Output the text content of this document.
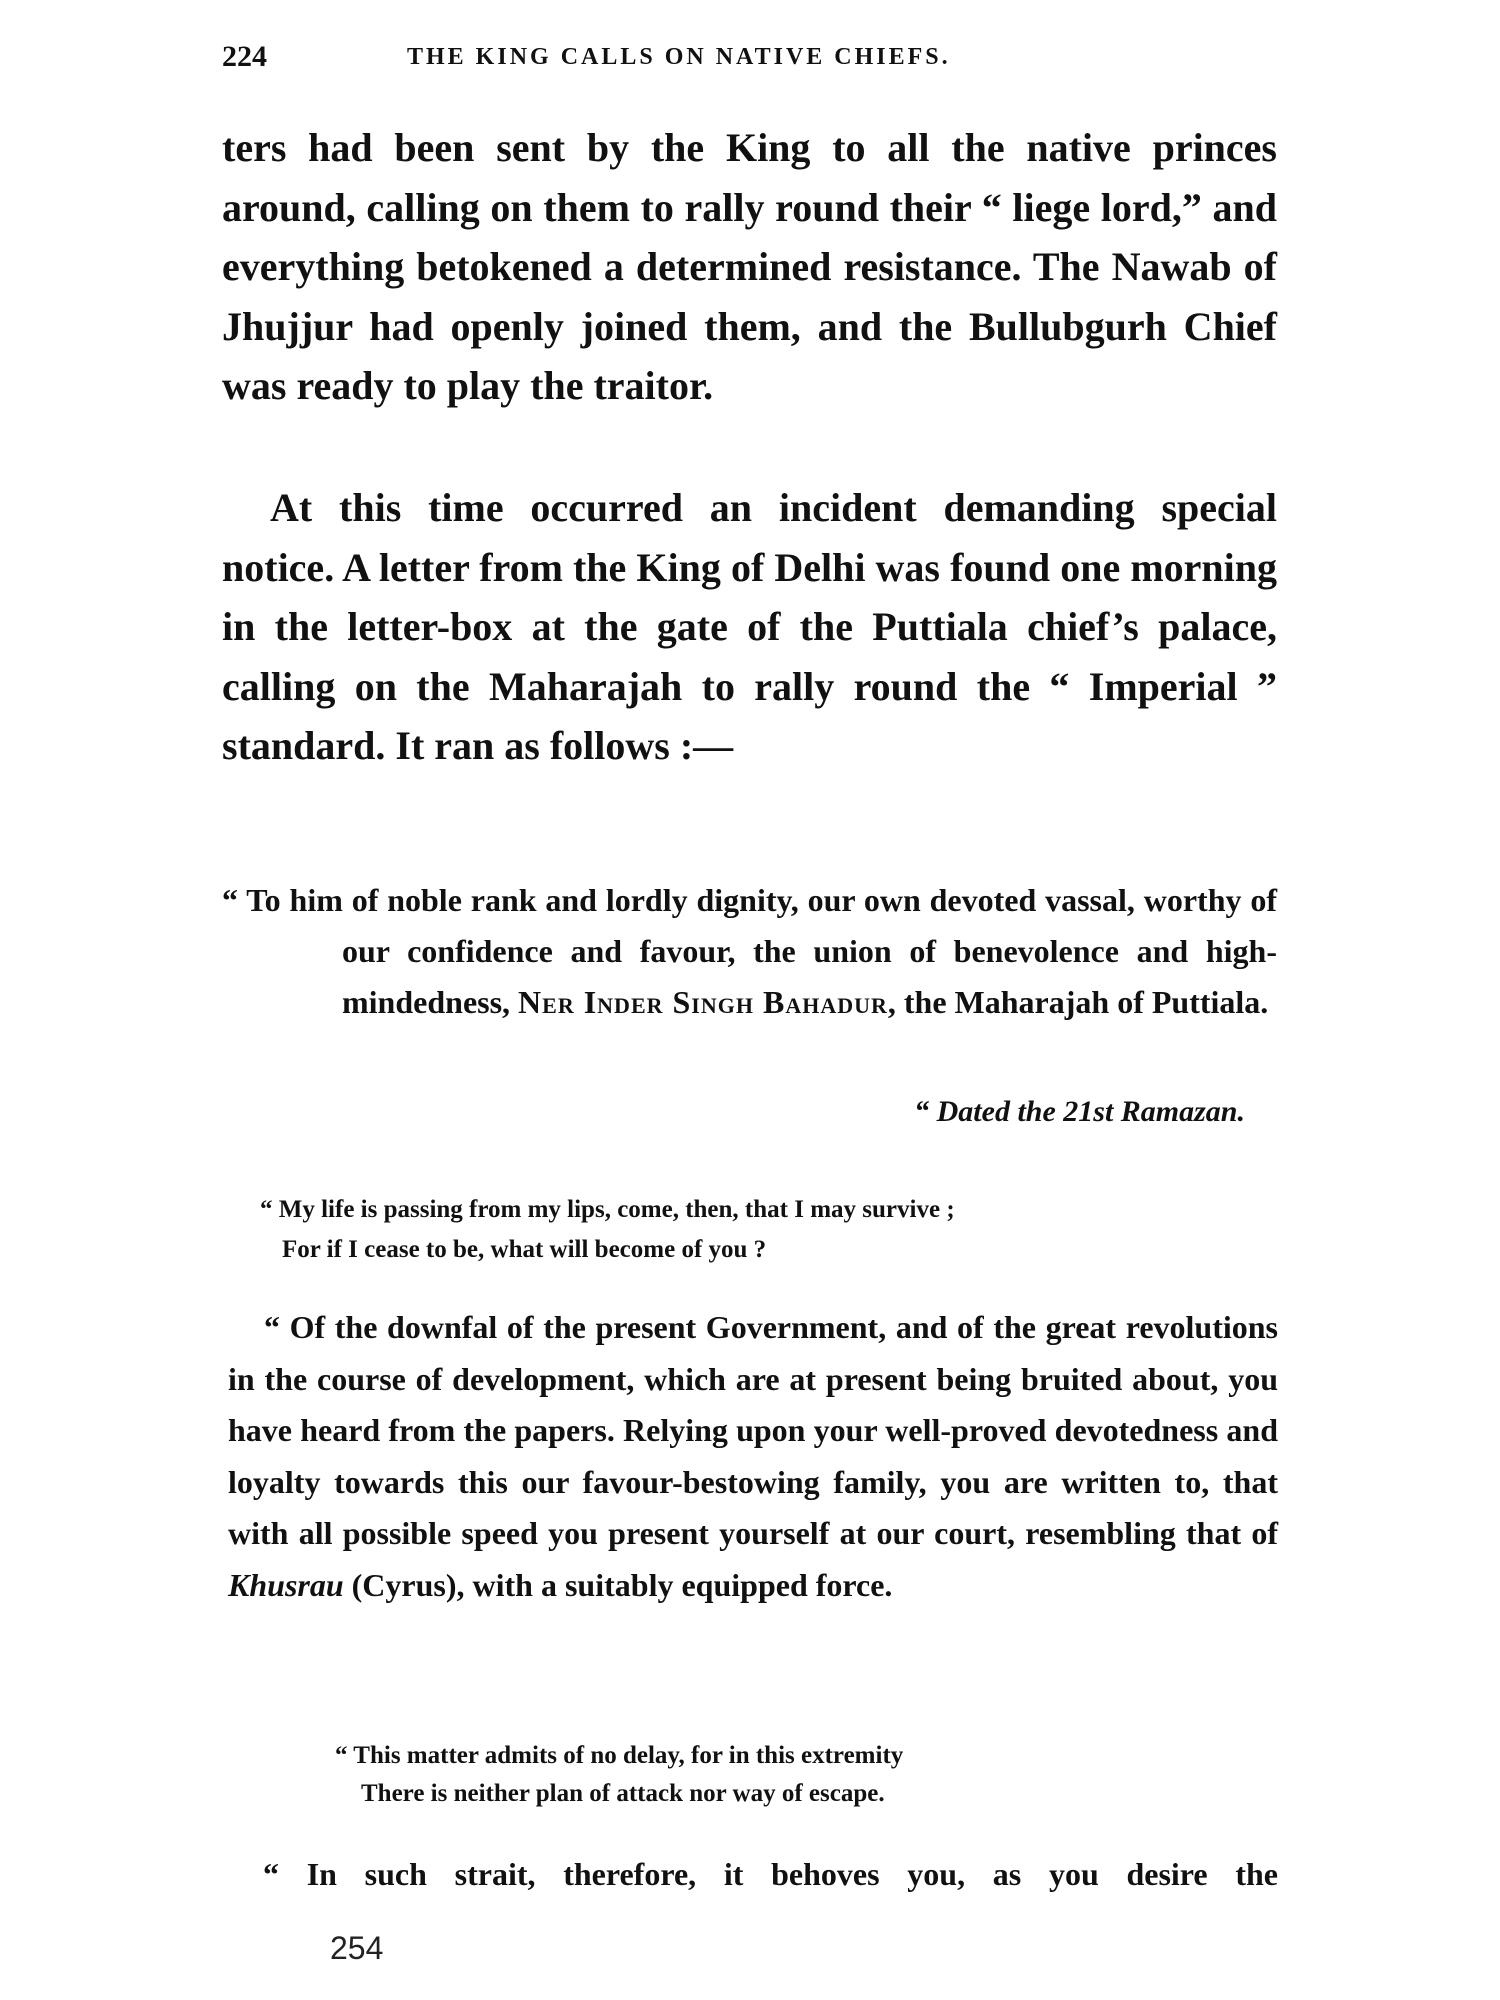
224	THE KING CALLS ON NATIVE CHIEFS.

ters had been sent by the King to all the native princes around, calling on them to rally round their “ liege lord,” and everything betokened a determined resistance. The Nawab of Jhujjur had openly joined them, and the Bullubgurh Chief was ready to play the traitor.

At this time occurred an incident demanding special notice. A letter from the King of Delhi was found one morning in the letter-box at the gate of the Puttiala chief’s palace, calling on the Maharajah to rally round the “ Imperial ” standard. It ran as follows :—

“ To him of noble rank and lordly dignity, our own devoted vassal, worthy of our confidence and favour, the union of benevolence and high-mindedness, Ner Inder Singh Bahadur, the Maharajah of Puttiala.

“ Dated the 21st Ramazan.
“ My life is passing from my lips, come, then, that I may survive ;
For if I cease to be, what will become of you ?

“ Of the downfal of the present Government, and of the great revolutions in the course of development, which are at present being bruited about, you have heard from the papers. Relying upon your well-proved devotedness and loyalty towards this our favour-bestowing family, you are written to, that with all possible speed you present yourself at our court, resembling that of Khusrau (Cyrus), with a suitably equipped force.

“ This matter admits of no delay, for in this extremity
There is neither plan of attack nor way of escape.
“ In such strait, therefore, it behoves you, as you desire the
254
